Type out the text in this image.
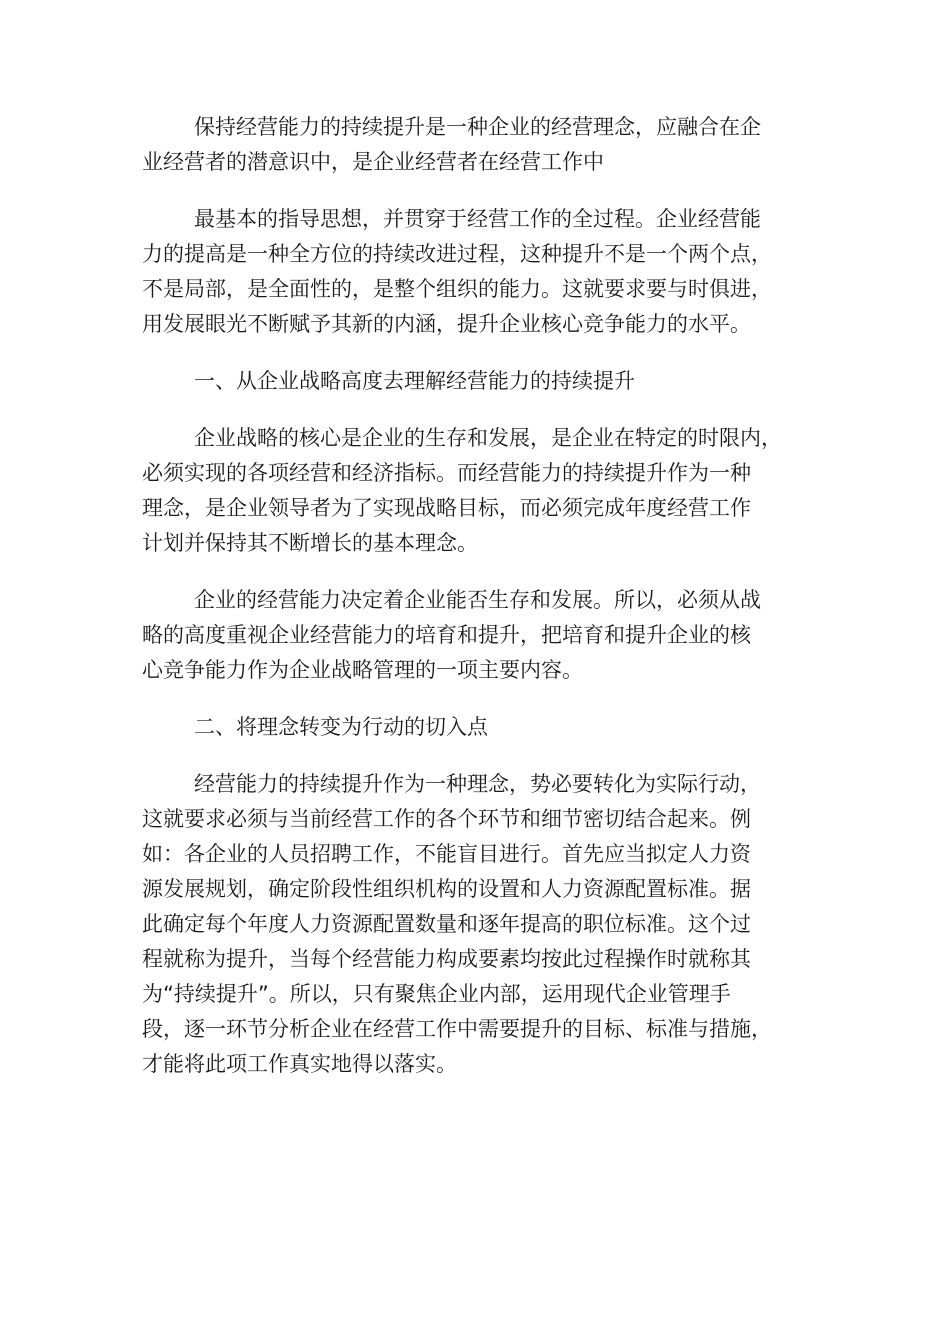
保持经营能力的持续提升是一种企业的经营理念，应融合在企
业经营者的潜意识中，是企业经营者在经营工作中
最基本的指导思想，并贯穿于经营工作的全过程。企业经营能
力的提高是一种全方位的持续改进过程，这种提升不是一个两个点，
不是局部，是全面性的，是整个组织的能力。这就要求要与时俱进，
用发展眼光不断赋予其新的内涵，提升企业核心竞争能力的水平。
一、从企业战略高度去理解经营能力的持续提升
企业战略的核心是企业的生存和发展，是企业在特定的时限内，
必须实现的各项经营和经济指标。而经营能力的持续提升作为一种
理念，是企业领导者为了实现战略目标，而必须完成年度经营工作
计划并保持其不断增长的基本理念。
企业的经营能力决定着企业能否生存和发展。所以，必须从战
略的高度重视企业经营能力的培育和提升，把培育和提升企业的核
心竞争能力作为企业战略管理的一项主要内容。
二、将理念转变为行动的切入点
经营能力的持续提升作为一种理念，势必要转化为实际行动，
这就要求必须与当前经营工作的各个环节和细节密切结合起来。例
如：各企业的人员招聘工作，不能盲目进行。首先应当拟定人力资
源发展规划，确定阶段性组织机构的设置和人力资源配置标准。据
此确定每个年度人力资源配置数量和逐年提高的职位标准。这个过
程就称为提升，当每个经营能力构成要素均按此过程操作时就称其
为“持续提升”。所以，只有聚焦企业内部，运用现代企业管理手
段，逐一环节分析企业在经营工作中需要提升的目标、标准与措施，
才能将此项工作真实地得以落实。
